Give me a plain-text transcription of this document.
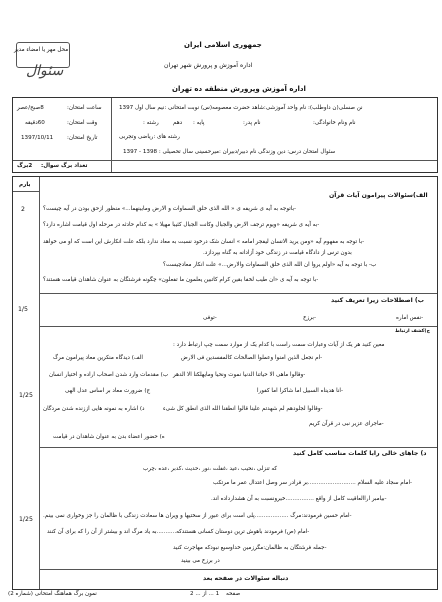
محل مهر یا امضاء مدیر
سئوال
جمهوری اسلامی ایران
اداره آموزش و پرورش شهر تهران
اداره آموزش وپرورش منطقه ده تهران
نن صسلی(ن داوطلب): نام واحد آموزشی:شاهد حضرت معصومه(س) نوبت امتحانی :نیم سال اول 1397
نام ونام خانوادگی:
نام پدر:
پایه :
دهم
رشته :
رشته های :ریاضی وتجربی
سئوال امتحان درس: دین وزندگی نام دبیر/دبیران :میرحسینی سال تحصیلی : 1398 - 1397
ساعت امتحان:
8صبح/عصر
وقت امتحان:
60دقیقه
تاریخ امتحان:
1397/10/11
تعداد برگ سوال:
2برگ
بارم
الف)سئوالات پیرامون آیات قرآن
-باتوجه به آیه ی شریفه ی « الله الذی خلق السماوات و الارض ومابینهما...» منظور ازحق بودن در آیه چیست؟
-به آیه ی شریفه «ویوم ترجف الارض والجبال وکانت الجبال کثیبا مهیلا » به کدام حادثه در مرحله اول قیامت اشاره دارد؟
-با توجه به مفهوم آیه «ومن یرید الانسان لیفجر امامه » انسان شک درخود نسبت به معاد ندارد بلکه علت انکارش این است که او می خواهد
بدون ترس از دادگاه قیامت در زندگی خود آزادانه به گناه بپردازد.
ب- با توجه به آیه «اولم یروا ان الله الذی خلق السماوات والارض...» علت انکار معادچیست؟
-با توجه به آیه ی «ان طیب لخفا بقین کرام کاتبین یعلمون ما تفعلون» چگونه فرشتگان به عنوان شاهدان قیامت هستند؟
2
1/5
ب) اصطلاحات زیرا تعریف کنید
-نفس اماره
-برزخ
-توفی
ج)کشف ارتباط
معین کنید هر یک از آیات وعبارات سمت راست با کدام یک از موارد سمت چپ ارتباط دارد :
-ام نجعل الذین امنوا وعملوا الصالحات کالمفسدین فی الارض
الف) دیدگاه منکرین معاد پیرامون مرگ
-وقالوا ماهی الا حیاتنا الدنیا نموت ونحیا ومایهلکنا الا الدهر
ب) مقدمات وارد شدن اصحاب اراده و اختیار انسان
-انا هدیناه السبیل اما شاکرا اما کفورا
ج) ضرورت معاد بر اساس عدل الهی
-وقالوا لجلودهم لم شهدتم علینا قالوا انطقنا الله الذی انطق کل شیء
د) اشاره به نمونه هایی اززنده شدن مردگان
-ماجرای عزیر نبی در قرآن کریم
ه) حضور اعضاء بدن به عنوان شاهدان در قیامت
1/25
د) جاهای خالی رابا کلمات مناسب کامل کنید
که تنزلی ،نحیب ،عید ،غفلت ،نور ،حدیث ،کدبر ،عده ،چرب
-امام سجاد علیه السلام ...........................بر فرادر سر وصل اعتدال عمر ما مرتکب
-بیامبر اراالعاقیت کامل از واقع ................خیرونسبت به آن هشدارداده اند.
-امام حسین فرمودند:مرگ ...................پلی است برای عبور از سختیها و ویران ها سعادت زندگی با ظالمان را جز وخواری نمی بینم.
-امام (ص) فرمودند باهوش ترین دوستان کسانی هستندکه...........به یاد مرگ اند و بیشتر از آن را که برای آن کنند
-جمله فرشتگان به ظالمان:مگرزمین خداوسیع نبودکه مهاجرت کنید
در برزخ می بینید
1/25
دنباله سئوالات در صفحه بعد
نمون برگ هماهنگ امتحانی (شماره 2)	صفحه
1 ... از ... 2
